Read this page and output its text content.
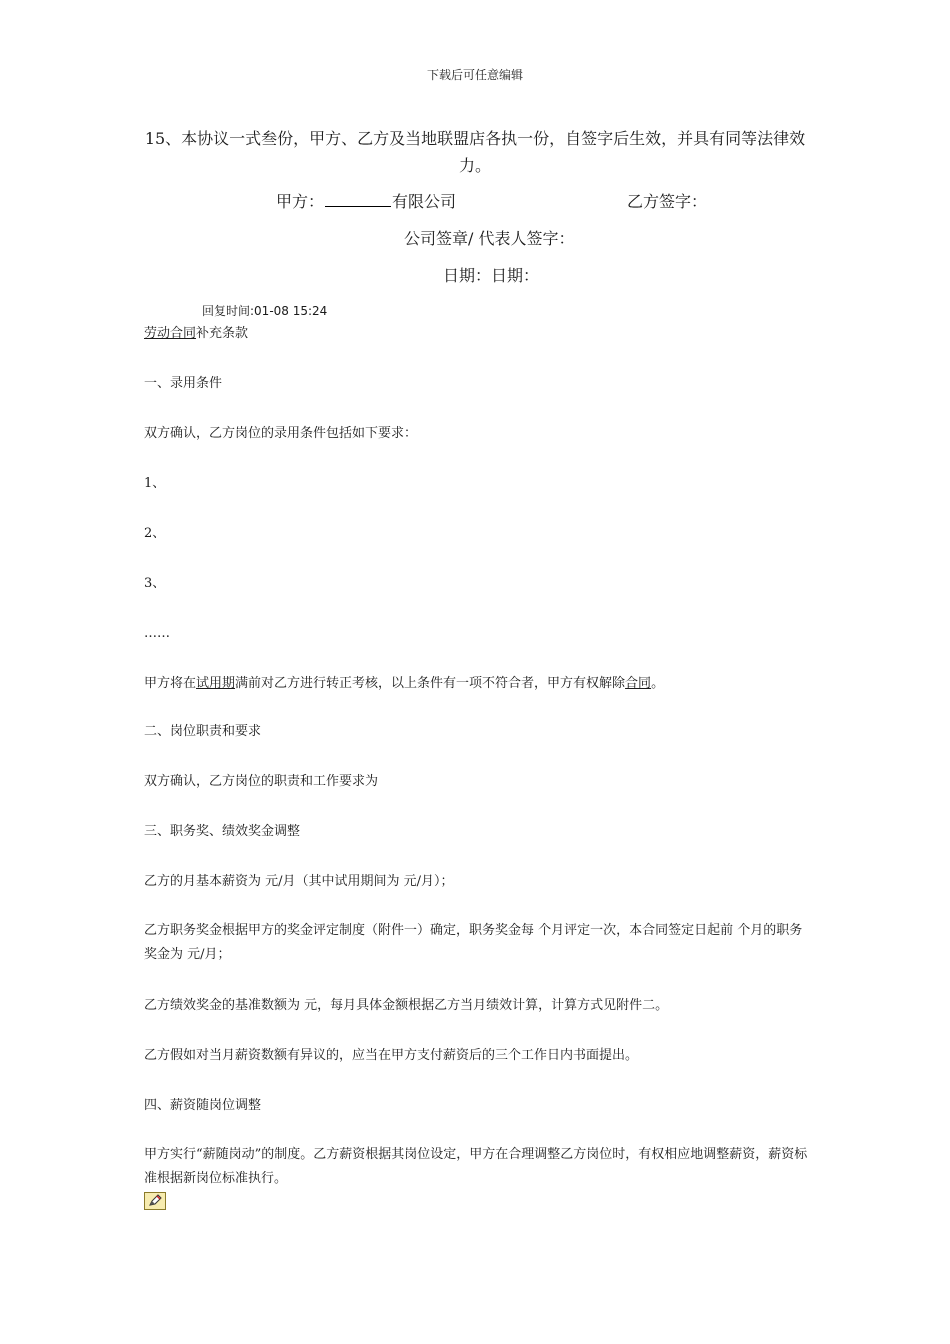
下载后可任意编辑
15、本协议一式叁份，甲方、乙方及当地联盟店各执一份，自签字后生效，并具有同等法律效力。
甲方：	有限公司	乙方签字：
公司签章/ 代表人签字：
日期：日期：
回复时间:01-08 15:24
劳动合同补充条款
一、录用条件
双方确认，乙方岗位的录用条件包括如下要求：
1、
2、
3、
……
甲方将在试用期满前对乙方进行转正考核，以上条件有一项不符合者，甲方有权解除合同。
二、岗位职责和要求
双方确认，乙方岗位的职责和工作要求为
三、职务奖、绩效奖金调整
乙方的月基本薪资为 元/月（其中试用期间为 元/月）；
乙方职务奖金根据甲方的奖金评定制度（附件一）确定，职务奖金每 个月评定一次，本合同签定日起前 个月的职务奖金为 元/月；
乙方绩效奖金的基准数额为 元，每月具体金额根据乙方当月绩效计算，计算方式见附件二。
乙方假如对当月薪资数额有异议的，应当在甲方支付薪资后的三个工作日内书面提出。
四、薪资随岗位调整
甲方实行“薪随岗动”的制度。乙方薪资根据其岗位设定，甲方在合理调整乙方岗位时，有权相应地调整薪资，薪资标准根据新岗位标准执行。
